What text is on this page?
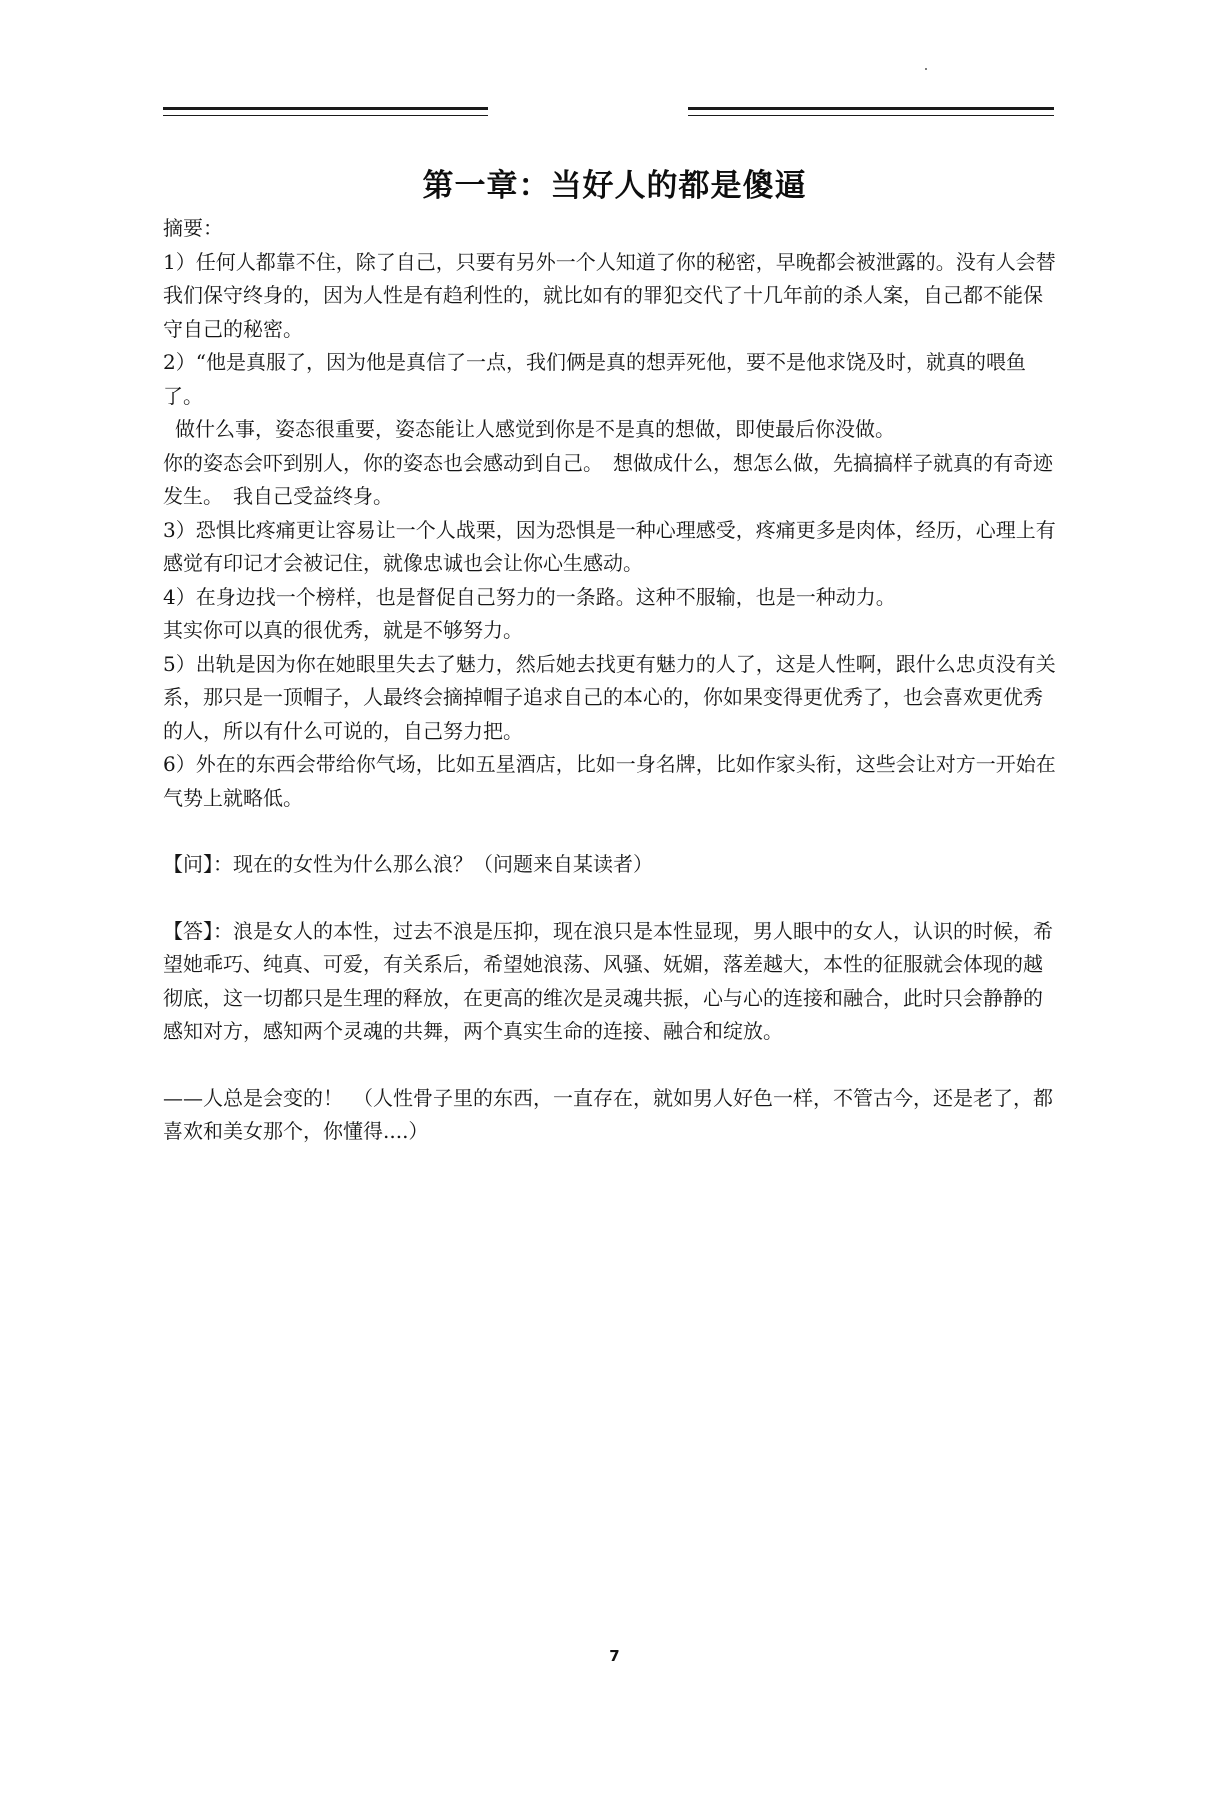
第一章：当好人的都是傻逼

摘要：

1）任何人都靠不住，除了自己，只要有另外一个人知道了你的秘密，早晚都会被泄露的。没有人会替我们保守终身的，因为人性是有趋利性的，就比如有的罪犯交代了十几年前的杀人案，自己都不能保守自己的秘密。

2）“他是真服了，因为他是真信了一点，我们俩是真的想弄死他，要不是他求饶及时，就真的喂鱼了。

做什么事，姿态很重要，姿态能让人感觉到你是不是真的想做，即使最后你没做。

你的姿态会吓到别人，你的姿态也会感动到自己。　想做成什么，想怎么做，先搞搞样子就真的有奇迹发生。　我自己受益终身。

3）恐惧比疼痛更让容易让一个人战栗，因为恐惧是一种心理感受，疼痛更多是肉体，经历，心理上有感觉有印记才会被记住，就像忠诚也会让你心生感动。

4）在身边找一个榜样，也是督促自己努力的一条路。这种不服输，也是一种动力。

其实你可以真的很优秀，就是不够努力。

5）出轨是因为你在她眼里失去了魅力，然后她去找更有魅力的人了，这是人性啊，跟什么忠贞没有关系，那只是一顶帽子，人最终会摘掉帽子追求自己的本心的，你如果变得更优秀了，也会喜欢更优秀的人，所以有什么可说的，自己努力把。

6）外在的东西会带给你气场，比如五星酒店，比如一身名牌，比如作家头衔，这些会让对方一开始在气势上就略低。

【问】：现在的女性为什么那么浪？（问题来自某读者）

【答】：浪是女人的本性，过去不浪是压抑，现在浪只是本性显现，男人眼中的女人，认识的时候，希望她乖巧、纯真、可爱，有关系后，希望她浪荡、风骚、妩媚，落差越大，本性的征服就会体现的越彻底，这一切都只是生理的释放，在更高的维次是灵魂共振，心与心的连接和融合，此时只会静静的感知对方，感知两个灵魂的共舞，两个真实生命的连接、融合和绽放。

——人总是会变的！　（人性骨子里的东西，一直存在，就如男人好色一样，不管古今，还是老了，都喜欢和美女那个，你懂得....）

7
